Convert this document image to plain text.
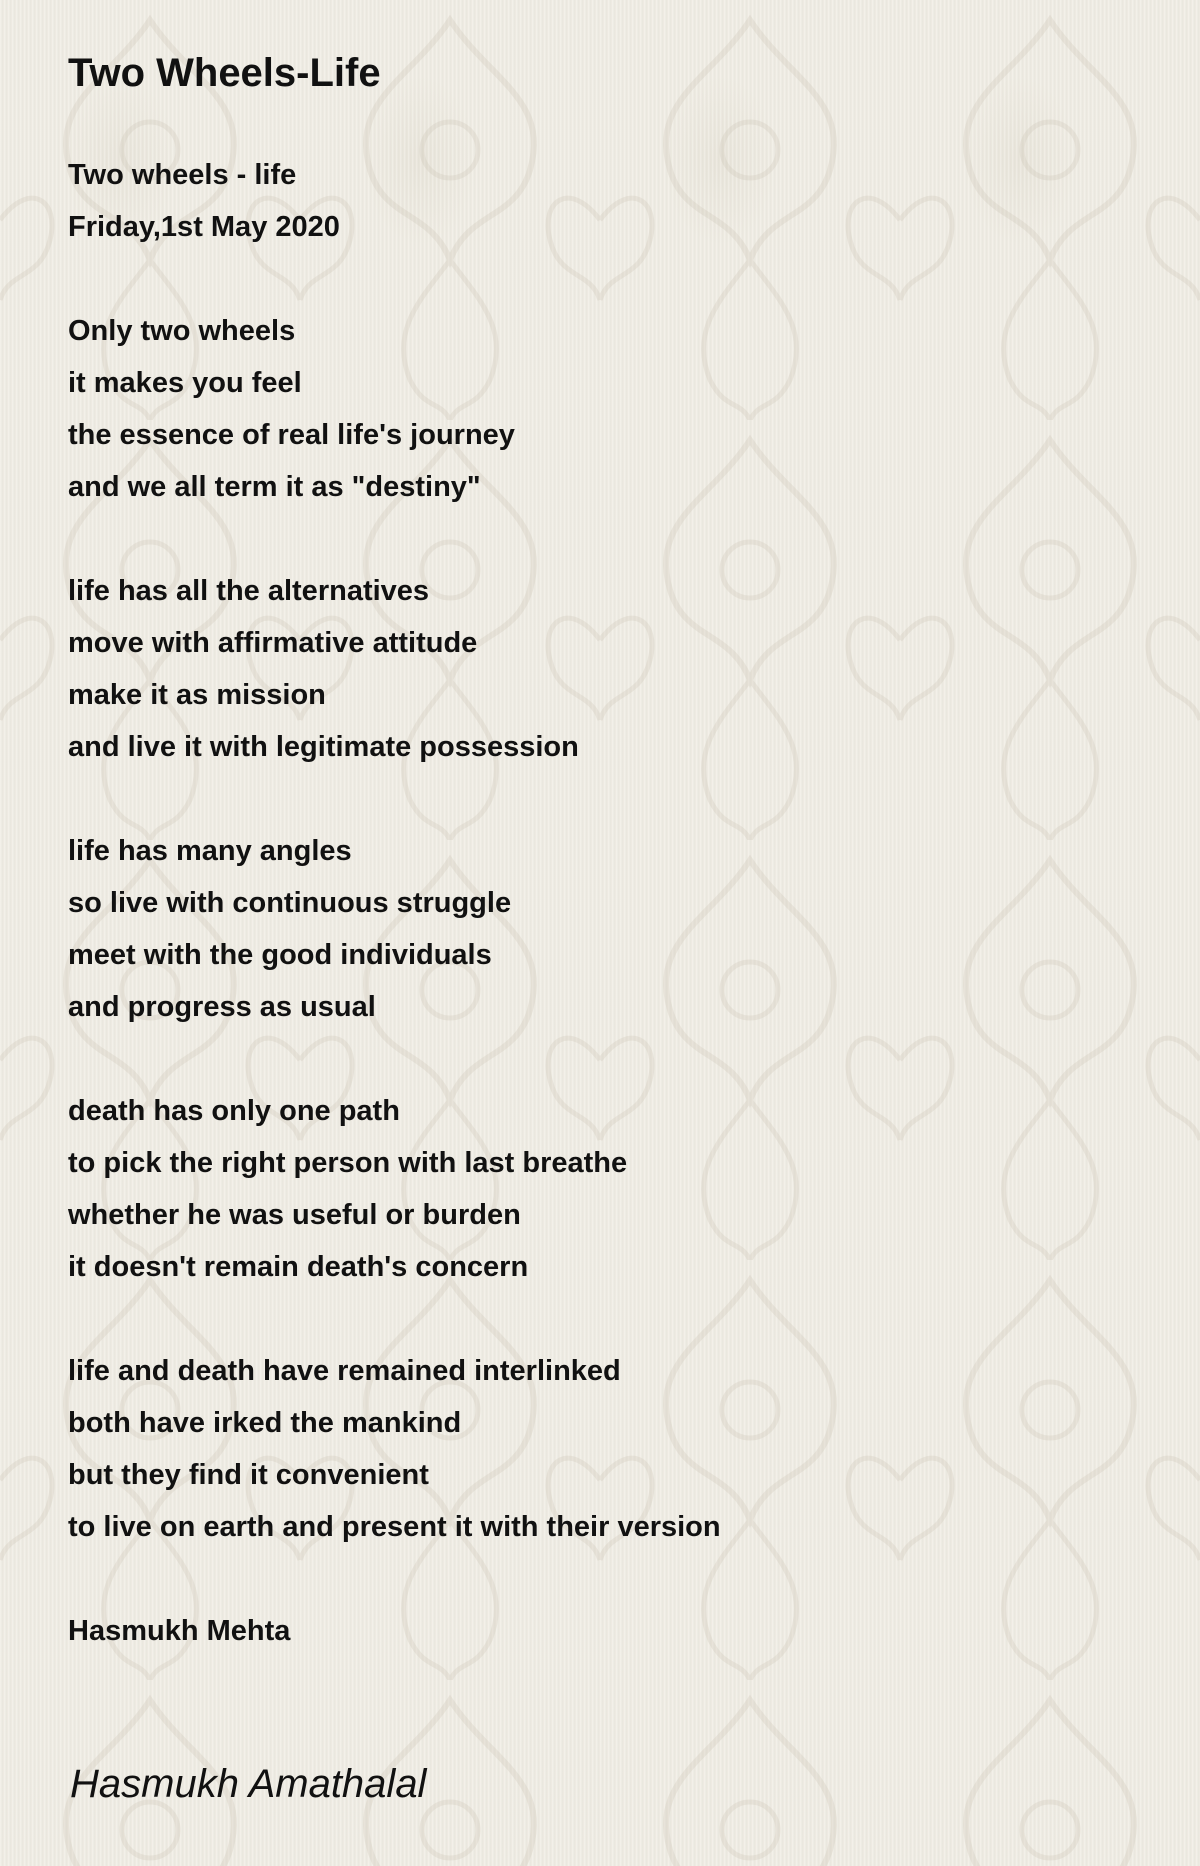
Two Wheels-Life
Two wheels - life
Friday,1st May 2020
Only two wheels
it makes you feel
the essence of real life's journey
and we all term it as "destiny"
life has all the alternatives
move with affirmative attitude
make it as mission
and live it with legitimate possession
life has many angles
so live with continuous struggle
meet with the good individuals
and progress as usual
death has only one path
to pick the right person with last breathe
whether he was useful or burden
it doesn't remain death's concern
life and death have remained interlinked
both have irked the mankind
but they find it convenient
to live on earth and present it with their version
Hasmukh Mehta
Hasmukh Amathalal
